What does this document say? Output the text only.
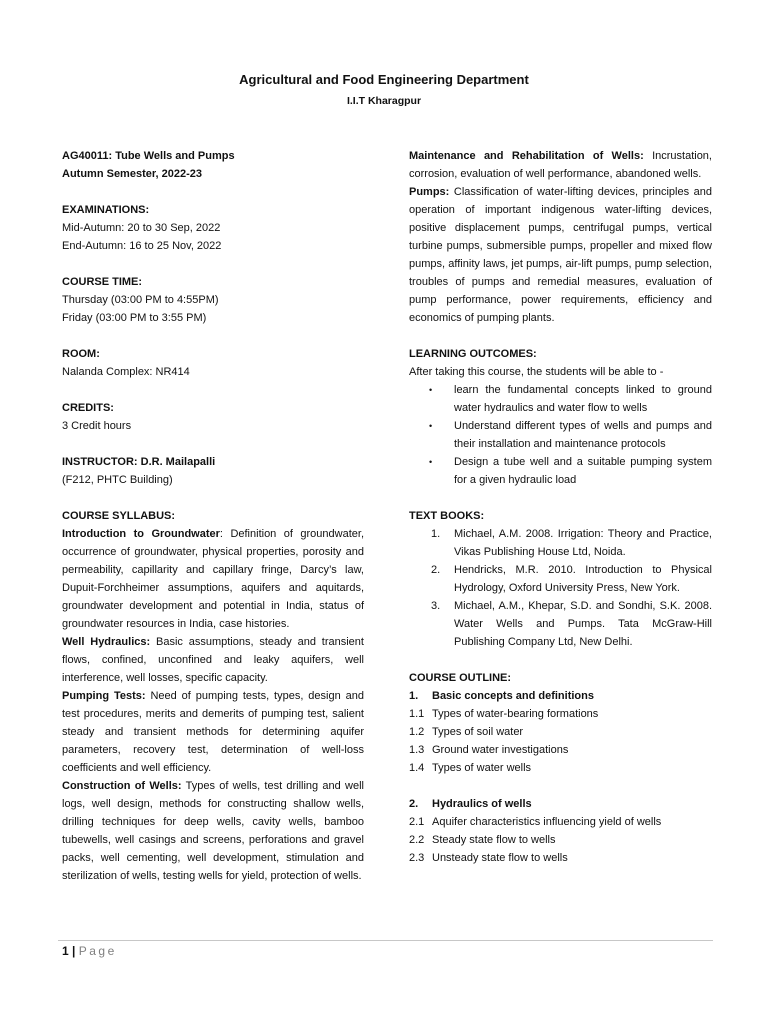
Agricultural and Food Engineering Department
I.I.T Kharagpur

AG40011: Tube Wells and Pumps

Autumn Semester, 2022-23

EXAMINATIONS:

Mid-Autumn: 20 to 30 Sep, 2022

End-Autumn: 16 to 25 Nov, 2022

COURSE TIME:

Thursday (03:00 PM to 4:55PM)

Friday (03:00 PM to 3:55 PM)

ROOM:

Nalanda Complex: NR414

CREDITS:

3 Credit hours

INSTRUCTOR: D.R. Mailapalli

(F212, PHTC Building)

COURSE SYLLABUS:

Introduction to Groundwater: Definition of groundwater, occurrence of groundwater, physical properties, porosity and permeability, capillarity and capillary fringe, Darcy’s law, Dupuit-Forchheimer assumptions, aquifers and aquitards, groundwater development and potential in India, status of groundwater resources in India, case histories.

Well Hydraulics: Basic assumptions, steady and transient flows, confined, unconfined and leaky aquifers, well interference, well losses, specific capacity.

Pumping Tests: Need of pumping tests, types, design and test procedures, merits and demerits of pumping test, salient steady and transient methods for determining aquifer parameters, recovery test, determination of well-loss coefficients and well efficiency.

Construction of Wells: Types of wells, test drilling and well logs, well design, methods for constructing shallow wells, drilling techniques for deep wells, cavity wells, bamboo tubewells, well casings and screens, perforations and gravel packs, well cementing, well development, stimulation and sterilization of wells, testing wells for yield, protection of wells.

Maintenance and Rehabilitation of Wells: Incrustation, corrosion, evaluation of well performance, abandoned wells.

Pumps: Classification of water-lifting devices, principles and operation of important indigenous water-lifting devices, positive displacement pumps, centrifugal pumps, vertical turbine pumps, submersible pumps, propeller and mixed flow pumps, affinity laws, jet pumps, air-lift pumps, pump selection, troubles of pumps and remedial measures, evaluation of pump performance, power requirements, efficiency and economics of pumping plants.

LEARNING OUTCOMES:

After taking this course, the students will be able to -

• learn the fundamental concepts linked to ground water hydraulics and water flow to wells
• Understand different types of wells and pumps and their installation and maintenance protocols
• Design a tube well and a suitable pumping system for a given hydraulic load

TEXT BOOKS:

1. Michael, A.M. 2008. Irrigation: Theory and Practice, Vikas Publishing House Ltd, Noida.
2. Hendricks, M.R. 2010. Introduction to Physical Hydrology, Oxford University Press, New York.
3. Michael, A.M., Khepar, S.D. and Sondhi, S.K. 2008. Water Wells and Pumps. Tata McGraw-Hill Publishing Company Ltd, New Delhi.

COURSE OUTLINE:

1.	Basic concepts and definitions
1.1 Types of water-bearing formations
1.2 Types of soil water
1.3 Ground water investigations
1.4 Types of water wells
2.	Hydraulics of wells
2.1 Aquifer characteristics influencing yield of wells
2.2 Steady state flow to wells
2.3 Unsteady state flow to wells
1 | Page
